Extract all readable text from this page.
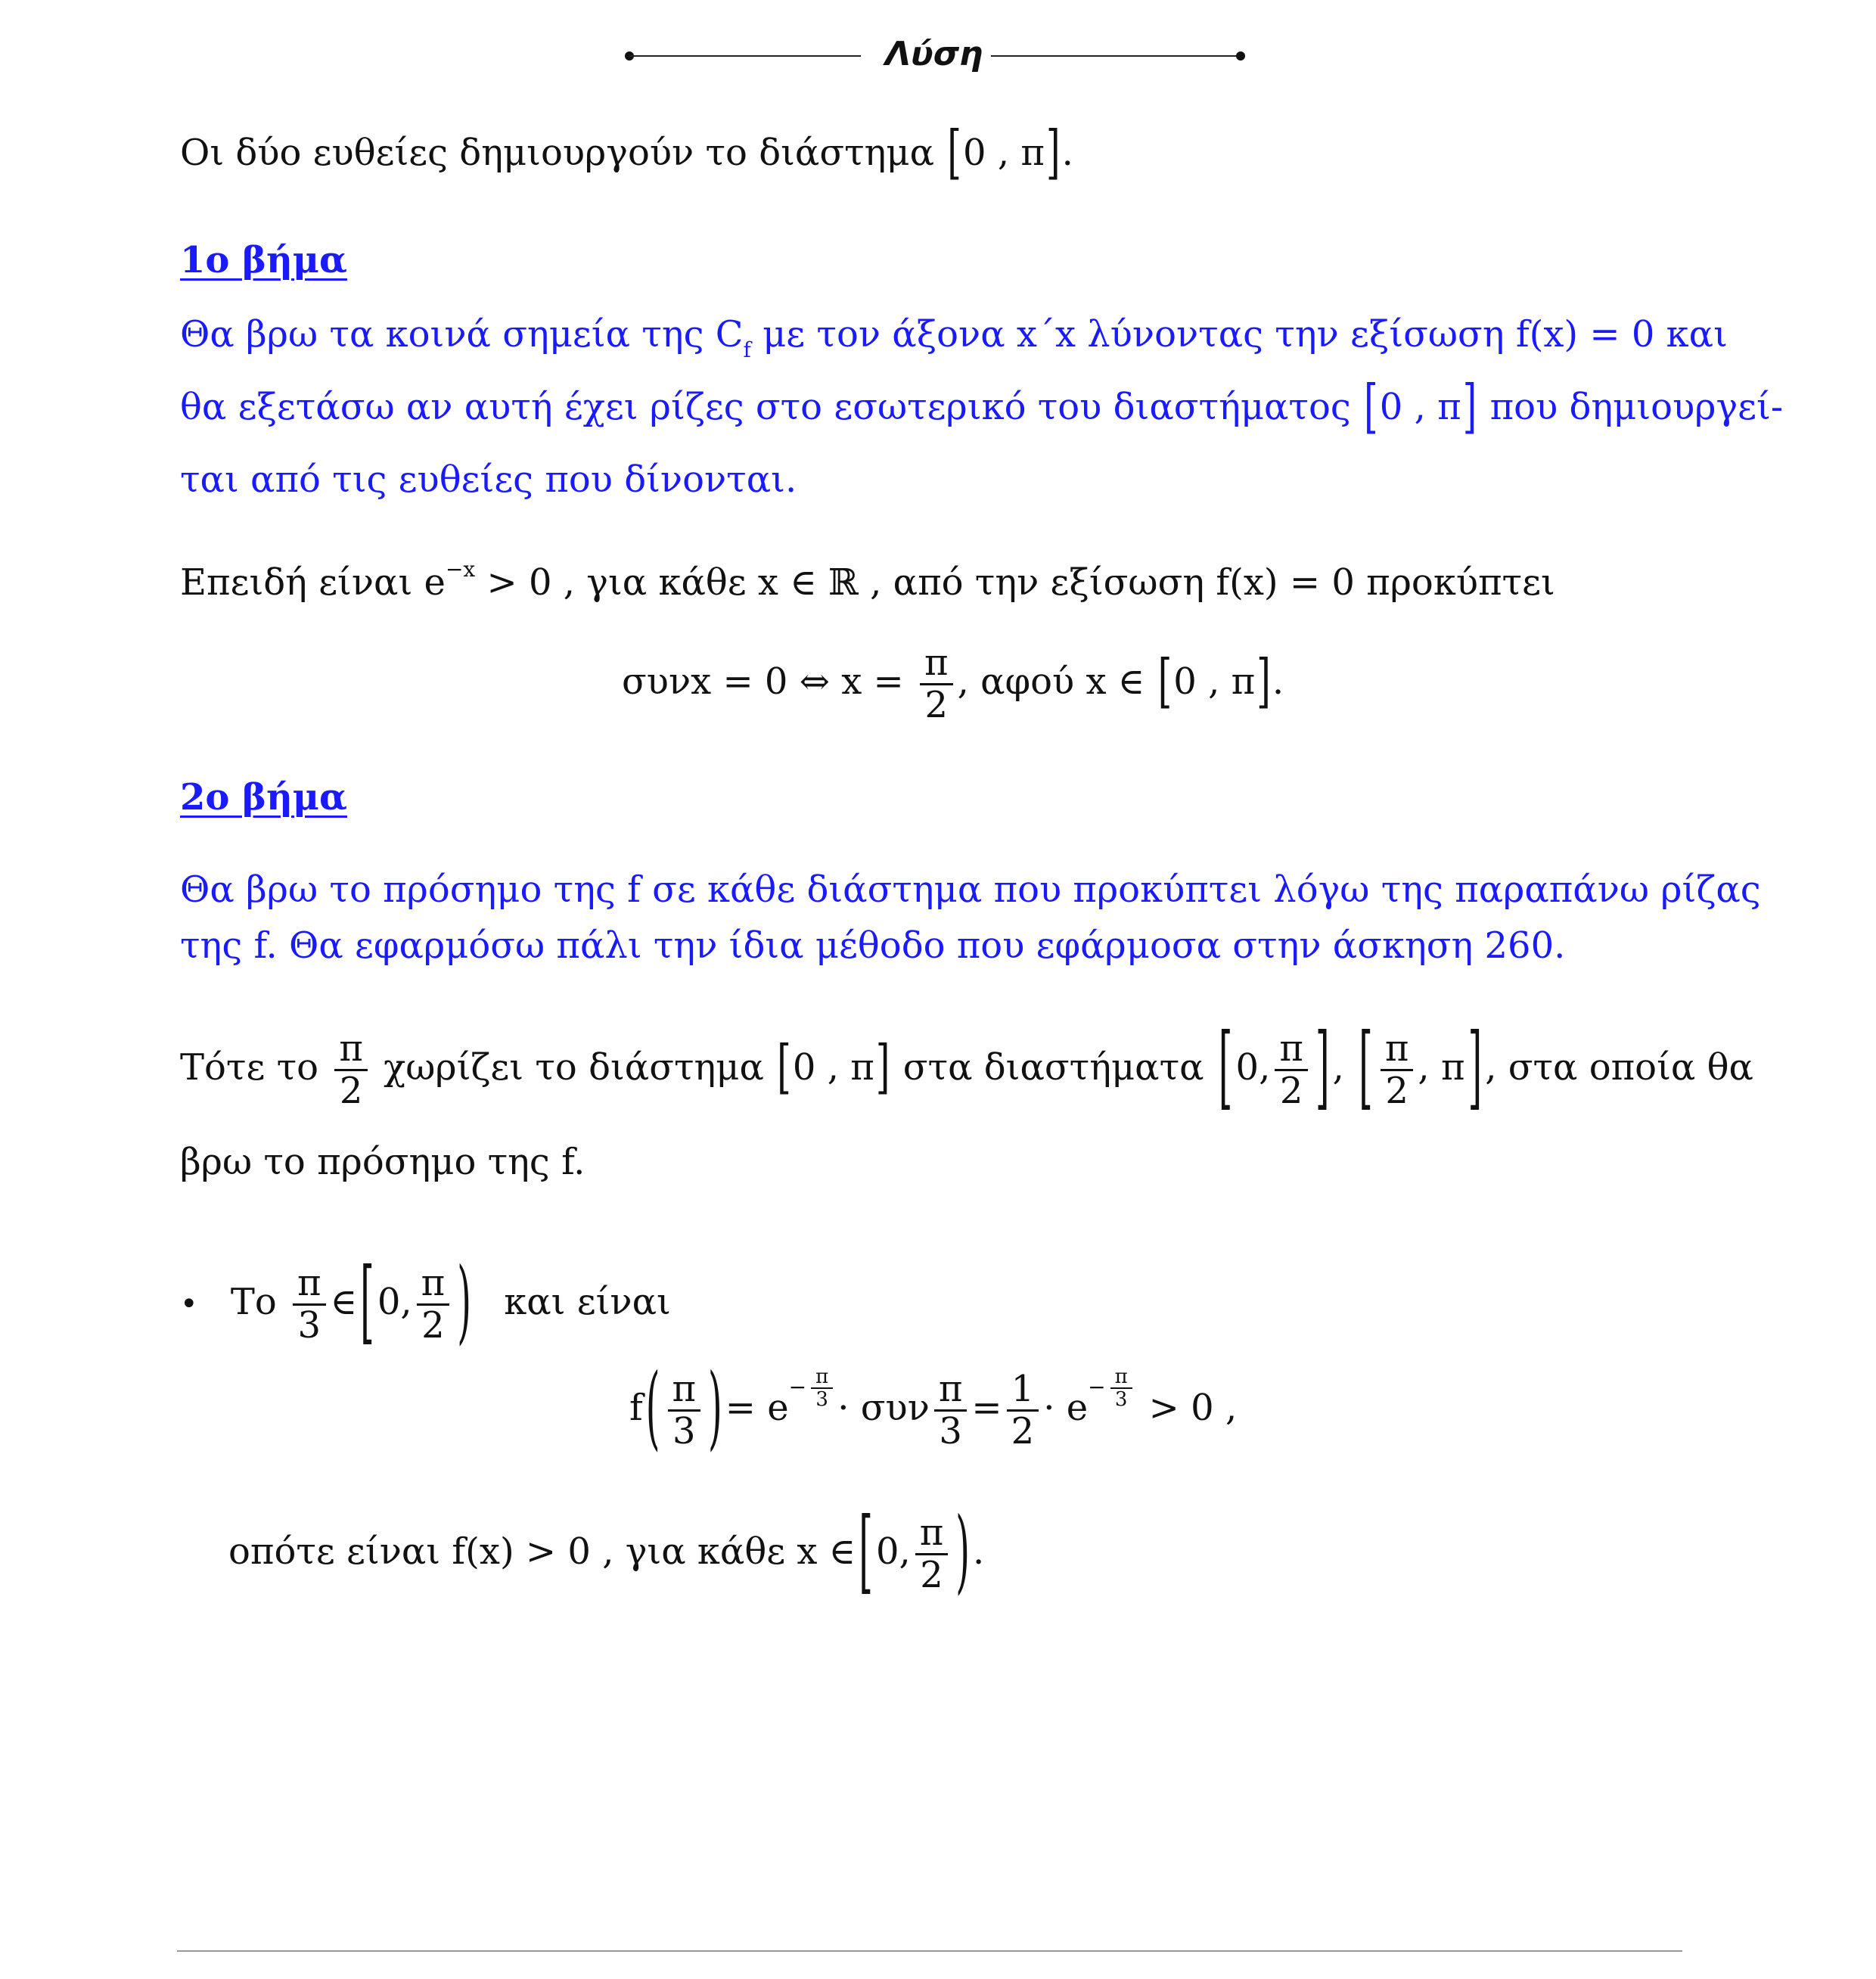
Λύση
Οι δύο ευθείες δημιουργούν το διάστημα [0 , π].
1ο βήμα
Θα βρω τα κοινά σημεία της $C_f$ με τον άξονα x΄x λύνοντας την εξίσωση f(x) = 0 και
θα εξετάσω αν αυτή έχει ρίζες στο εσωτερικό του διαστήματος [0 , π] που δημιουργεί-
ται από τις ευθείες που δίνονται.
Επειδή είναι $e^{-x} > 0$ , για κάθε x ∈ ℝ , από την εξίσωση f(x) = 0 προκύπτει
συνx = 0 ⇔ $x = \frac{\pi}{2}$ , αφού x ∈ [0 , π].
2ο βήμα
Θα βρω το πρόσημο της f σε κάθε διάστημα που προκύπτει λόγω της παραπάνω ρίζας
της f. Θα εφαρμόσω πάλι την ίδια μέθοδο που εφάρμοσα στην άσκηση 260.
Τότε το $\frac{\pi}{2}$ χωρίζει το διάστημα [0 , π] στα διαστήματα [0, $\frac{\pi}{2}$ ], [ $\frac{\pi}{2}$ , π], στα οποία θα
βρω το πρόσημο της f.
• Το $\frac{\pi}{3}$ ∈[0, $\frac{\pi}{2}$ ) και είναι
$f( \frac{\pi}{3}$ )= $e^{- \frac{\pi}{3}} \cdot \sigma\upsilon\nu \frac{\pi}{3} = \frac{1}{2} \cdot e^{- \frac{\pi}{3}} > 0$ ,
οπότε είναι f(x) > 0 , για κάθε x ∈[0, $\frac{\pi}{2}$ ).
